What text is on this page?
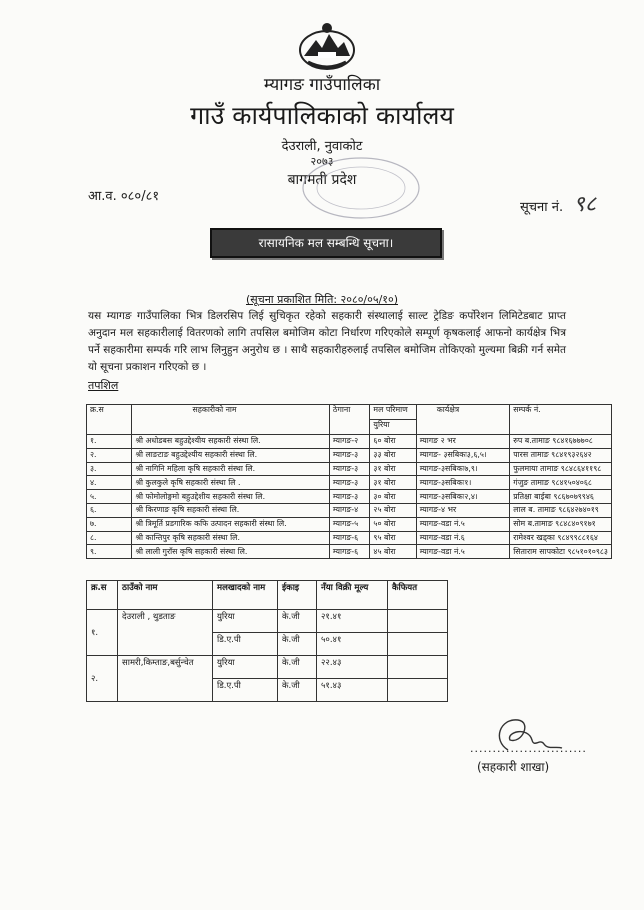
म्यागङ गाउँपालिका
गाउँ कार्यपालिकाको कार्यालय
देउराली, नुवाकोट
२०७३
बागमती प्रदेश
आ.व. ०८०/८१
सूचना नं. ९८
रासायनिक मल सम्बन्धि सूचना।
(सूचना प्रकाशित मिति: २०८०/०५/१०)
यस म्यागङ गाउँपालिका भित्र डिलरसिप लिई सुचिकृत रहेको सहकारी संस्थालाई साल्ट ट्रेडिङ कर्पोरेशन लिमिटेडबाट प्राप्त अनुदान मल सहकारीलाई वितरणको लागि तपसिल बमोजिम कोटा निर्धारण गरिएकोले सम्पूर्ण कृषकलाई आफनो कार्यक्षेत्र भित्र पर्ने सहकारीमा सम्पर्क गरि लाभ लिनुहुन अनुरोध छ । साथै सहकारीहरुलाई तपसिल बमोजिम तोकिएको मुल्यमा बिक्री गर्न समेत यो सूचना प्रकाशन गरिएको छ ।
तपशिल
क्र.स	सहकारीको नाम	ठेगाना	मल परिमाण	कार्यक्षेत्र	सम्पर्क नं.
			युरिया		
१.	श्री अधोडबस बहुउद्देश्यीय सहकारी संस्था लि.	म्यागङ-२	६० बोरा	म्यागङ २ भर	रुप ब.तामाङ ९८४१६७७७०८
२.	श्री लाङटाङ बहुउद्देश्यीय सहकारी संस्था लि.	म्यागङ-३	३३ बोरा	म्यागङ- ३सबिकः३,६,५।	पारस तामाङ ९८४१९३२६४२
३.	श्री नागिनि महिला कृषि सहकारी संस्था लि.	म्यागङ-३	३१ बोरा	म्यागङ-३सबिकः७,९।	फुलमाया तामाङ ९८४८६४११९८
४.	श्री कुलकुले कृषि सहकारी संस्था लि .	म्यागङ-३	३१ बोरा	म्यागङ-३सबिकः१।	गंजुङ तामाङ ९८४१५०४०६८
५.	श्री फोमोलोङ्गमो बहुउद्देशीय सहकारी संस्था लि.	म्यागङ-३	३० बोरा	म्यागङ-३सबिकः२,४।	प्रतिक्षा बाईबा ९८६७०७९९४६
६.	श्री किरणाङ कृषि सहकारी संस्था लि.	म्यागङ-४	२५ बोरा	म्यागङ-४ भर	लाल ब. तामाङ ९८६४२७४०१९
७.	श्री त्रिमूर्ति प्रडगारिक कफि उत्पादन सहकारी संस्था लि.	म्यागङ-५	५० बोरा	म्यागङ-वडा नं.५	सोम ब.तामाङ ९८४८४०९१७१
८.	श्री कान्तिपुर कृषि सहकारी संस्था लि.	म्यागङ-६	९५ बोरा	म्यागङ-वडा नं.६	रामेश्वर खड्का ९८४९९८८१६४
९.	श्री लाली गुराँस कृषि सहकारी संस्था लि.	म्यागङ-६	४५ बोरा	म्यागङ-वडा नं.५	सिताराम सापकोटा ९८५१०१०९८३
क्र.स	ठाउँको नाम	मलखादको नाम	ईकाइ	नँया विक्री मूल्य	कैफियत
१.	देउराली , थुडताङ	युरिया	के.जी	२१.४१	
		डि.ए.पी	के.जी	५०.४१	
२.	सामरी,किम्ताङ,बर्सुन्चेत	युरिया	के.जी	२२.४३	
		डि.ए.पी	के.जी	५१.४३	
..........................
(सहकारी शाखा)
